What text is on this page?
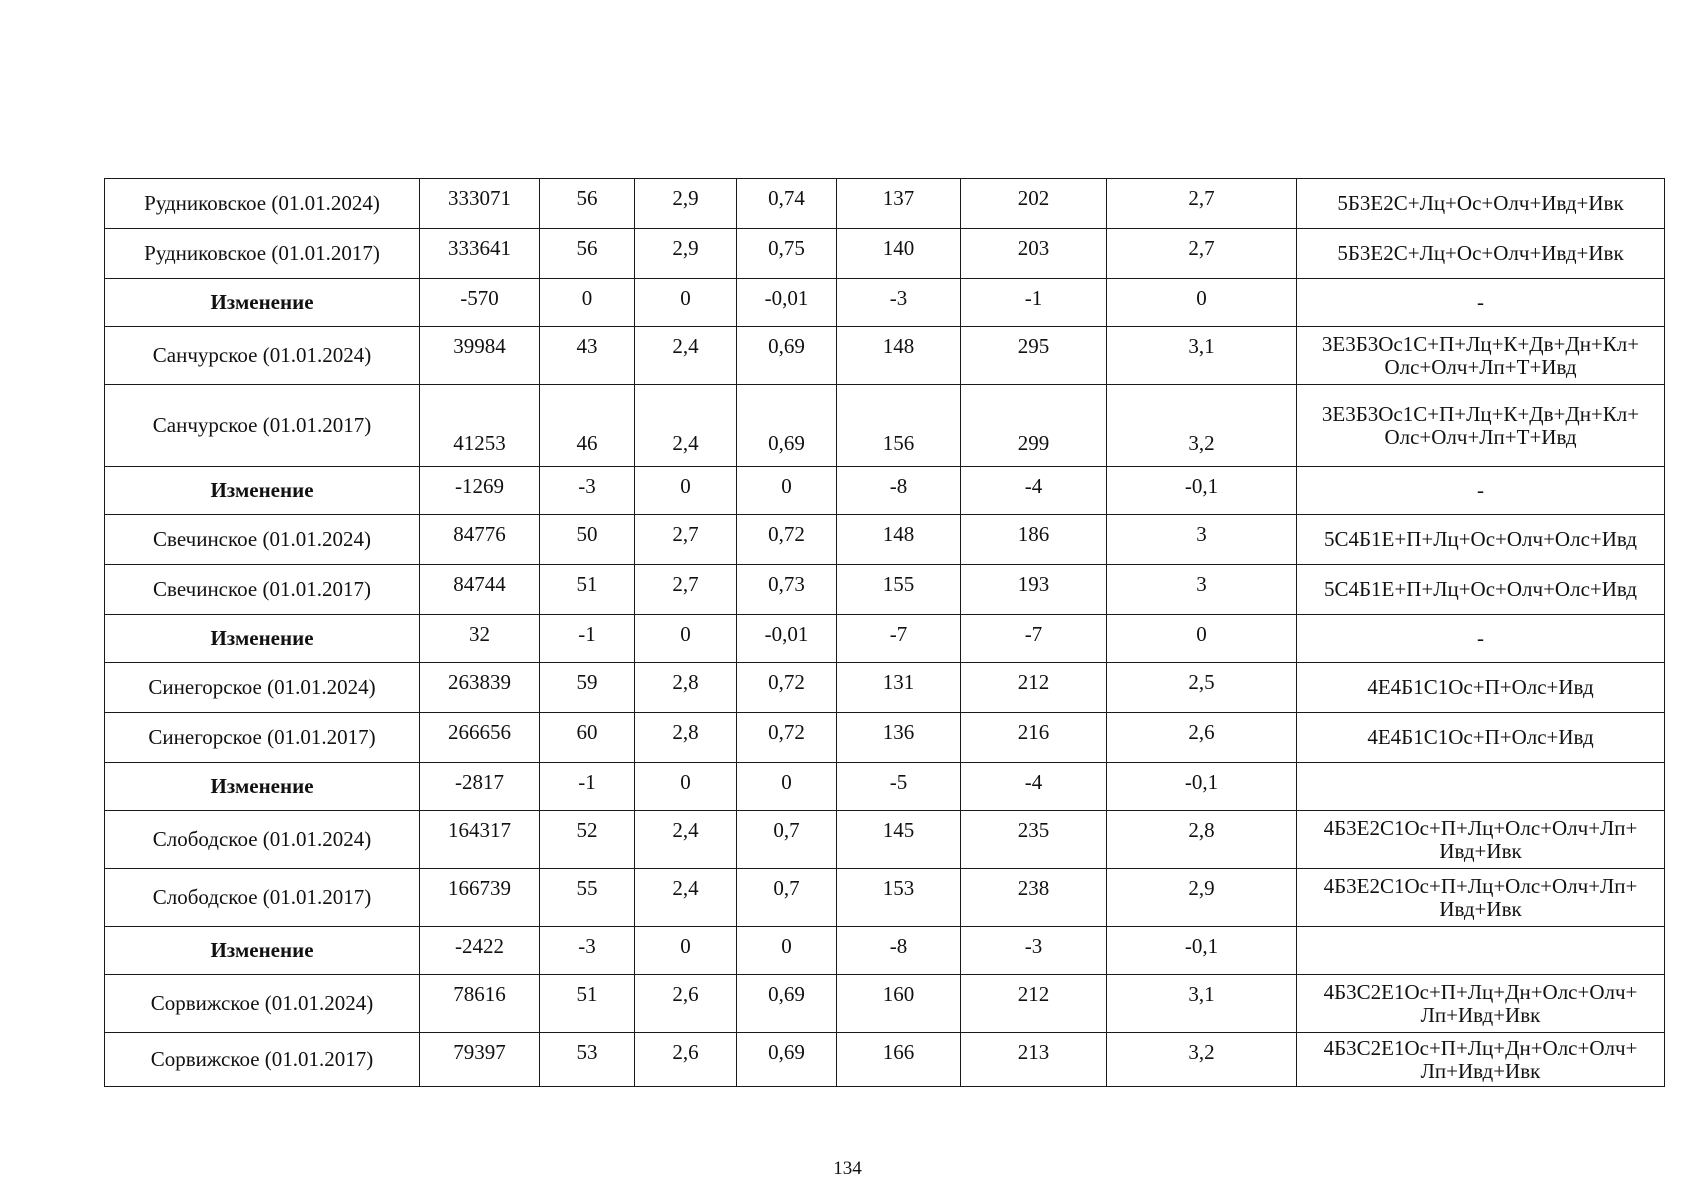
Рудниковское (01.01.2024)	333071	56	2,9	0,74	137	202	2,7	5Б3Е2С+Лц+Ос+Олч+Ивд+Ивк
Рудниковское (01.01.2017)	333641	56	2,9	0,75	140	203	2,7	5Б3Е2С+Лц+Ос+Олч+Ивд+Ивк
Изменение	-570	0	0	-0,01	-3	-1	0	-
Санчурское (01.01.2024)	39984	43	2,4	0,69	148	295	3,1	3Е3Б3Ос1С+П+Лц+К+Дв+Дн+Кл+ Олс+Олч+Лп+Т+Ивд
Санчурское (01.01.2017)	41253	46	2,4	0,69	156	299	3,2	3Е3Б3Ос1С+П+Лц+К+Дв+Дн+Кл+ Олс+Олч+Лп+Т+Ивд
Изменение	-1269	-3	0	0	-8	-4	-0,1	-
Свечинское (01.01.2024)	84776	50	2,7	0,72	148	186	3	5С4Б1Е+П+Лц+Ос+Олч+Олс+Ивд
Свечинское (01.01.2017)	84744	51	2,7	0,73	155	193	3	5С4Б1Е+П+Лц+Ос+Олч+Олс+Ивд
Изменение	32	-1	0	-0,01	-7	-7	0	-
Синегорское (01.01.2024)	263839	59	2,8	0,72	131	212	2,5	4Е4Б1С1Ос+П+Олс+Ивд
Синегорское (01.01.2017)	266656	60	2,8	0,72	136	216	2,6	4Е4Б1С1Ос+П+Олс+Ивд
Изменение	-2817	-1	0	0	-5	-4	-0,1	
Слободское (01.01.2024)	164317	52	2,4	0,7	145	235	2,8	4Б3Е2С1Ос+П+Лц+Олс+Олч+Лп+ Ивд+Ивк
Слободское (01.01.2017)	166739	55	2,4	0,7	153	238	2,9	4Б3Е2С1Ос+П+Лц+Олс+Олч+Лп+ Ивд+Ивк
Изменение	-2422	-3	0	0	-8	-3	-0,1	
Сорвижское (01.01.2024)	78616	51	2,6	0,69	160	212	3,1	4Б3С2Е1Ос+П+Лц+Дн+Олс+Олч+ Лп+Ивд+Ивк
Сорвижское (01.01.2017)	79397	53	2,6	0,69	166	213	3,2	4Б3С2Е1Ос+П+Лц+Дн+Олс+Олч+ Лп+Ивд+Ивк
134
